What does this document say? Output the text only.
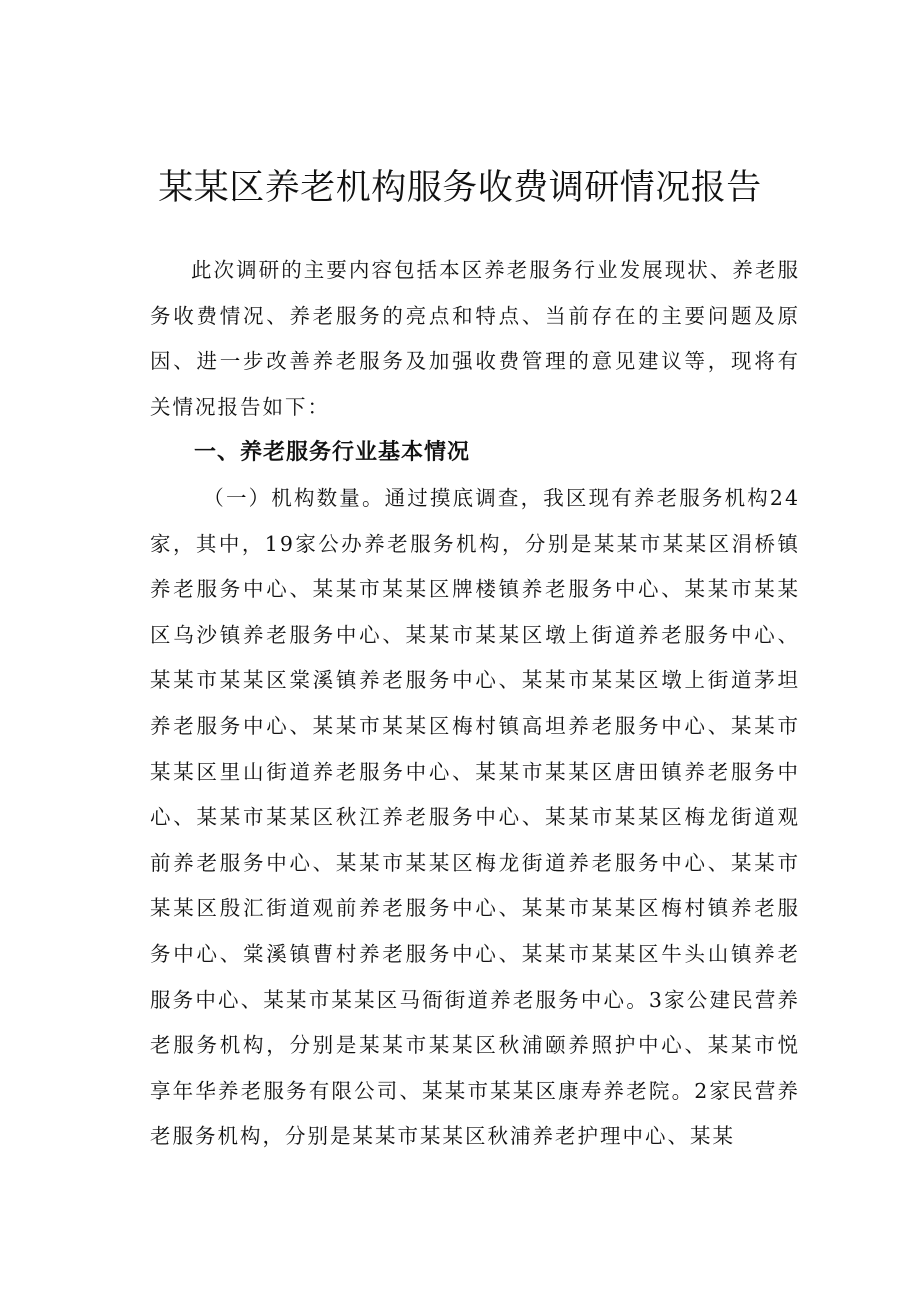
某某区养老机构服务收费调研情况报告

此次调研的主要内容包括本区养老服务行业发展现状、养老服务收费情况、养老服务的亮点和特点、当前存在的主要问题及原因、进一步改善养老服务及加强收费管理的意见建议等，现将有关情况报告如下：

一、养老服务行业基本情况

（一）机构数量。通过摸底调查，我区现有养老服务机构24家，其中，19家公办养老服务机构，分别是某某市某某区涓桥镇养老服务中心、某某市某某区牌楼镇养老服务中心、某某市某某区乌沙镇养老服务中心、某某市某某区墩上街道养老服务中心、某某市某某区棠溪镇养老服务中心、某某市某某区墩上街道茅坦养老服务中心、某某市某某区梅村镇高坦养老服务中心、某某市某某区里山街道养老服务中心、某某市某某区唐田镇养老服务中心、某某市某某区秋江养老服务中心、某某市某某区梅龙街道观前养老服务中心、某某市某某区梅龙街道养老服务中心、某某市某某区殷汇街道观前养老服务中心、某某市某某区梅村镇养老服务中心、棠溪镇曹村养老服务中心、某某市某某区牛头山镇养老服务中心、某某市某某区马衙街道养老服务中心。3家公建民营养老服务机构，分别是某某市某某区秋浦颐养照护中心、某某市悦享年华养老服务有限公司、某某市某某区康寿养老院。2家民营养老服务机构，分别是某某市某某区秋浦养老护理中心、某某
